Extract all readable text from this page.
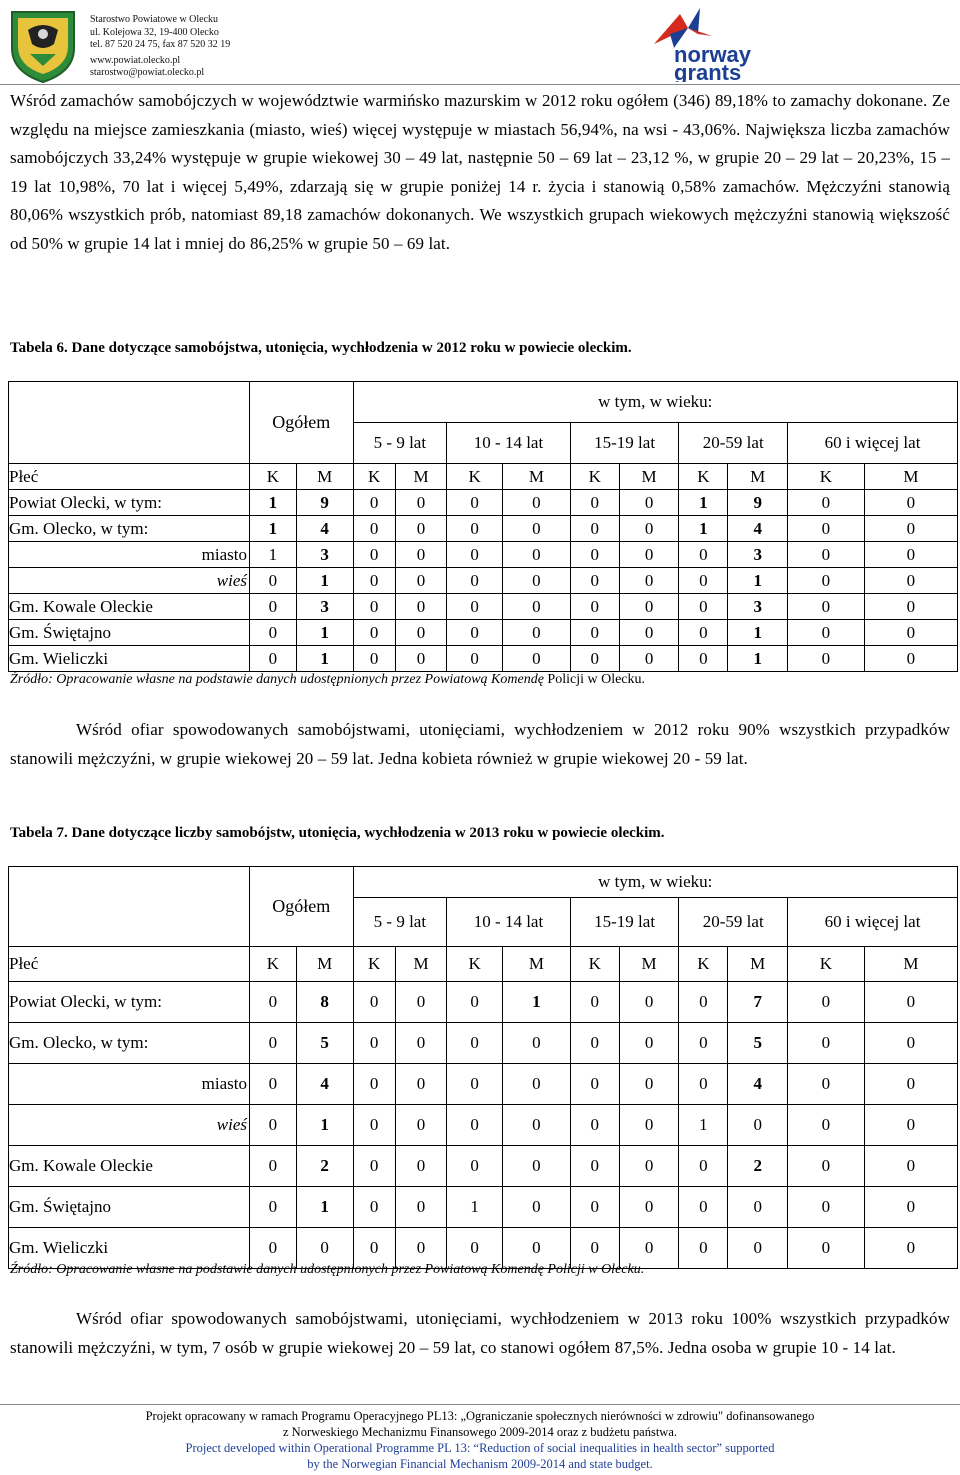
Starostwo Powiatowe w Olecku
ul. Kolejowa 32, 19-400 Olecko
tel. 87 520 24 75, fax 87 520 32 19
www.powiat.olecko.pl
starostwo@powiat.olecko.pl
norway
grants
Wśród zamachów samobójczych w województwie warmińsko mazurskim w 2012 roku ogółem (346) 89,18% to zamachy dokonane. Ze względu na miejsce zamieszkania (miasto, wieś) więcej występuje w miastach 56,94%, na wsi - 43,06%. Największa liczba zamachów samobójczych 33,24% występuje w grupie wiekowej 30 – 49 lat, następnie 50 – 69 lat – 23,12 %, w grupie 20 – 29 lat – 20,23%, 15 – 19 lat 10,98%, 70 lat i więcej 5,49%, zdarzają się w grupie poniżej 14 r. życia i stanowią 0,58% zamachów. Mężczyźni stanowią 80,06% wszystkich prób, natomiast 89,18 zamachów dokonanych. We wszystkich grupach wiekowych mężczyźni stanowią większość od 50% w grupie 14 lat i mniej do 86,25% w grupie 50 – 69 lat.
Tabela 6. Dane dotyczące samobójstwa, utonięcia, wychłodzenia w 2012 roku w powiecie oleckim.
	Ogółem		w tym, w wieku:									
			5 - 9 lat		10 - 14 lat		15-19 lat		20-59 lat		60 i więcej lat	
Płeć	K	M	K	M	K	M	K	M	K	M	K	M
Powiat Olecki, w tym:	1	9	0	0	0	0	0	0	1	9	0	0
Gm. Olecko, w tym:	1	4	0	0	0	0	0	0	1	4	0	0
miasto	1	3	0	0	0	0	0	0	0	3	0	0
wieś	0	1	0	0	0	0	0	0	0	1	0	0
Gm. Kowale Oleckie	0	3	0	0	0	0	0	0	0	3	0	0
Gm. Świętajno	0	1	0	0	0	0	0	0	0	1	0	0
Gm. Wieliczki	0	1	0	0	0	0	0	0	0	1	0	0
Źródło: Opracowanie własne na podstawie danych udostępnionych przez Powiatową Komendę Policji w Olecku.
Wśród ofiar spowodowanych samobójstwami, utonięciami, wychłodzeniem w 2012 roku 90% wszystkich przypadków stanowili mężczyźni, w grupie wiekowej 20 – 59 lat. Jedna kobieta również w grupie wiekowej 20 - 59 lat.
Tabela 7. Dane dotyczące liczby samobójstw, utonięcia, wychłodzenia w 2013 roku w powiecie oleckim.
	Ogółem		w tym, w wieku:									
			5 - 9 lat		10 - 14 lat		15-19 lat		20-59 lat		60 i więcej lat	
Płeć	K	M	K	M	K	M	K	M	K	M	K	M
Powiat Olecki, w tym:	0	8	0	0	0	1	0	0	0	7	0	0
Gm. Olecko, w tym:	0	5	0	0	0	0	0	0	0	5	0	0
miasto	0	4	0	0	0	0	0	0	0	4	0	0
wieś	0	1	0	0	0	0	0	0	1	0	0	0
Gm. Kowale Oleckie	0	2	0	0	0	0	0	0	0	2	0	0
Gm. Świętajno	0	1	0	0	1	0	0	0	0	0	0	0
Gm. Wieliczki	0	0	0	0	0	0	0	0	0	0	0	0
Źródło: Opracowanie własne na podstawie danych udostępnionych przez Powiatową Komendę Policji w Olecku.
Wśród ofiar spowodowanych samobójstwami, utonięciami, wychłodzeniem w 2013 roku 100% wszystkich przypadków stanowili mężczyźni, w tym, 7 osób w grupie wiekowej 20 – 59 lat, co stanowi ogółem 87,5%. Jedna osoba w grupie 10 - 14 lat.
Projekt opracowany w ramach Programu Operacyjnego PL13: „Ograniczanie społecznych nierówności w zdrowiu" dofinansowanego
z Norweskiego Mechanizmu Finansowego 2009-2014 oraz z budżetu państwa.
Project developed within Operational Programme PL 13: “Reduction of social inequalities in health sector” supported
by the Norwegian Financial Mechanism 2009-2014 and state budget.
